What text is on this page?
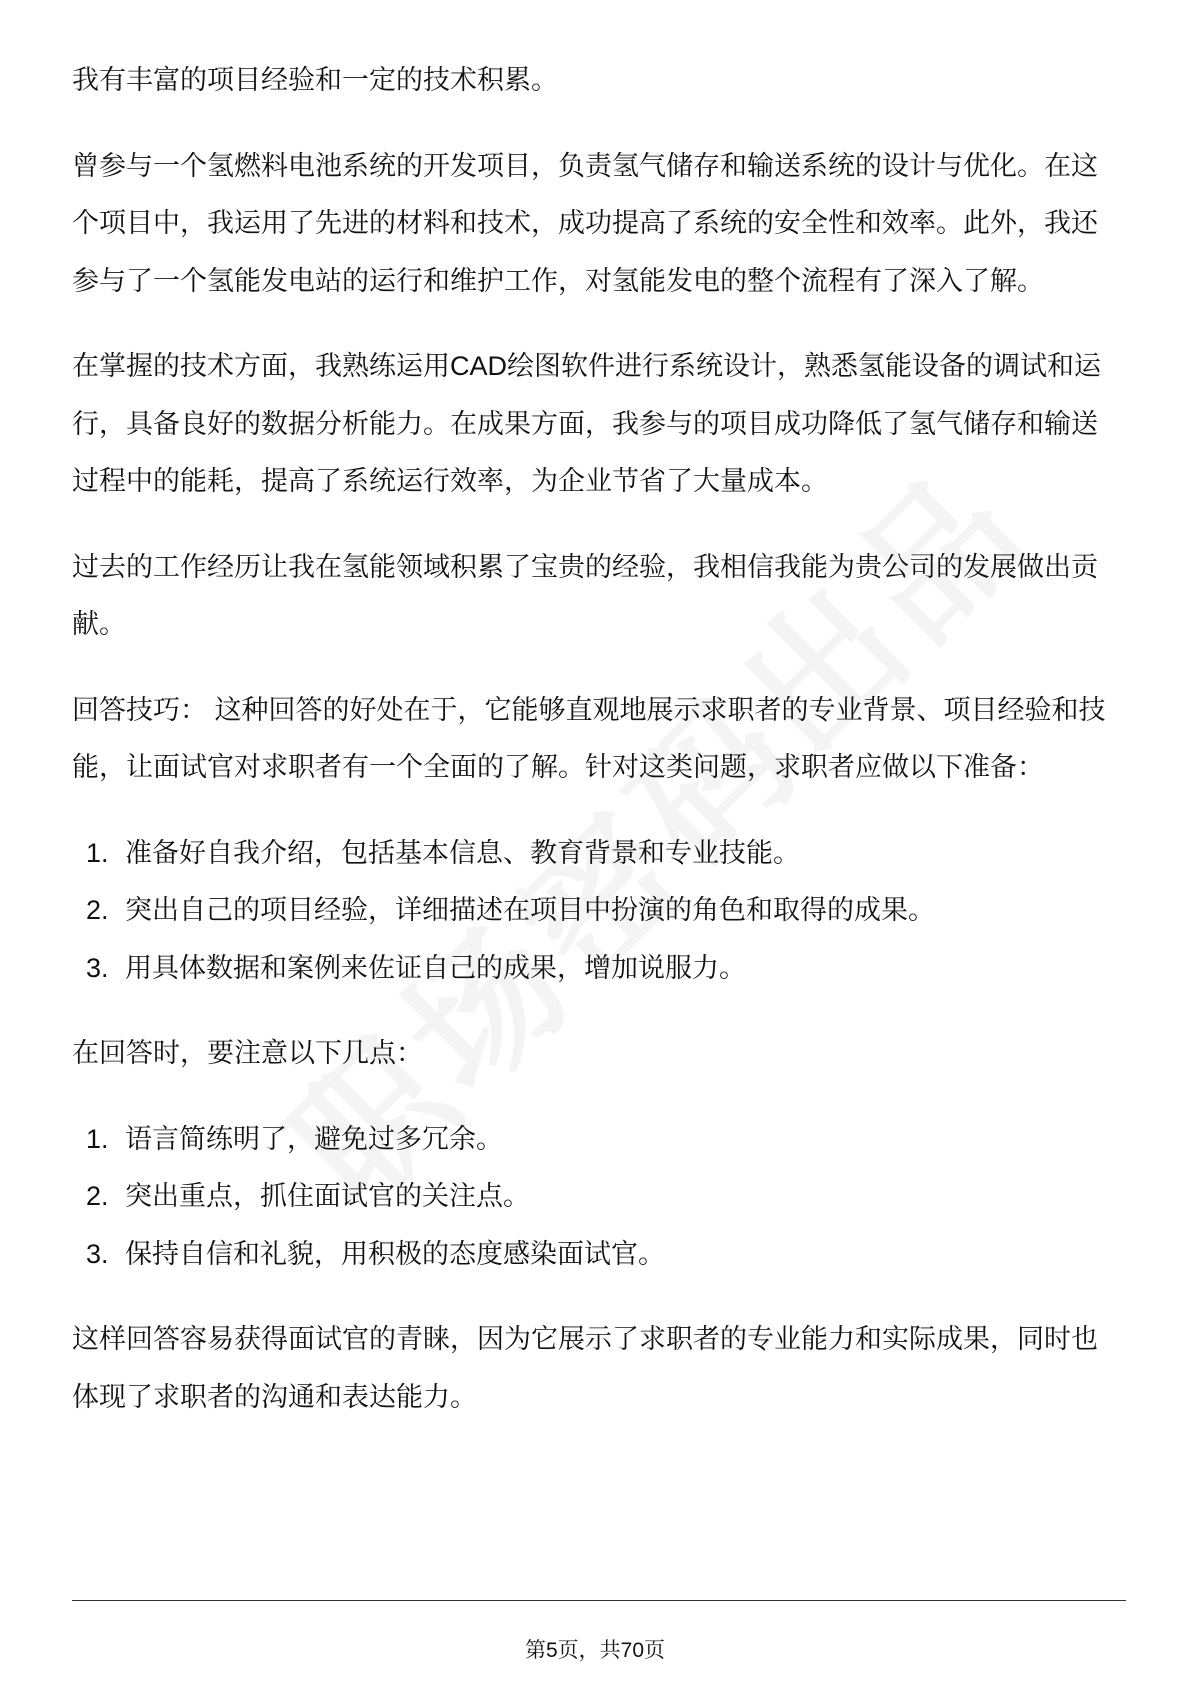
我有丰富的项目经验和一定的技术积累。

曾参与一个氢燃料电池系统的开发项目，负责氢气储存和输送系统的设计与优化。在这个项目中，我运用了先进的材料和技术，成功提高了系统的安全性和效率。此外，我还参与了一个氢能发电站的运行和维护工作，对氢能发电的整个流程有了深入了解。

在掌握的技术方面，我熟练运用CAD绘图软件进行系统设计，熟悉氢能设备的调试和运行，具备良好的数据分析能力。在成果方面，我参与的项目成功降低了氢气储存和输送过程中的能耗，提高了系统运行效率，为企业节省了大量成本。

过去的工作经历让我在氢能领域积累了宝贵的经验，我相信我能为贵公司的发展做出贡献。

回答技巧： 这种回答的好处在于，它能够直观地展示求职者的专业背景、项目经验和技能，让面试官对求职者有一个全面的了解。针对这类问题，求职者应做以下准备：

1. 准备好自我介绍，包括基本信息、教育背景和专业技能。
2. 突出自己的项目经验，详细描述在项目中扮演的角色和取得的成果。
3. 用具体数据和案例来佐证自己的成果，增加说服力。

在回答时，要注意以下几点：

1. 语言简练明了，避免过多冗余。
2. 突出重点，抓住面试官的关注点。
3. 保持自信和礼貌，用积极的态度感染面试官。

这样回答容易获得面试官的青睐，因为它展示了求职者的专业能力和实际成果，同时也体现了求职者的沟通和表达能力。

第5页，共70页
